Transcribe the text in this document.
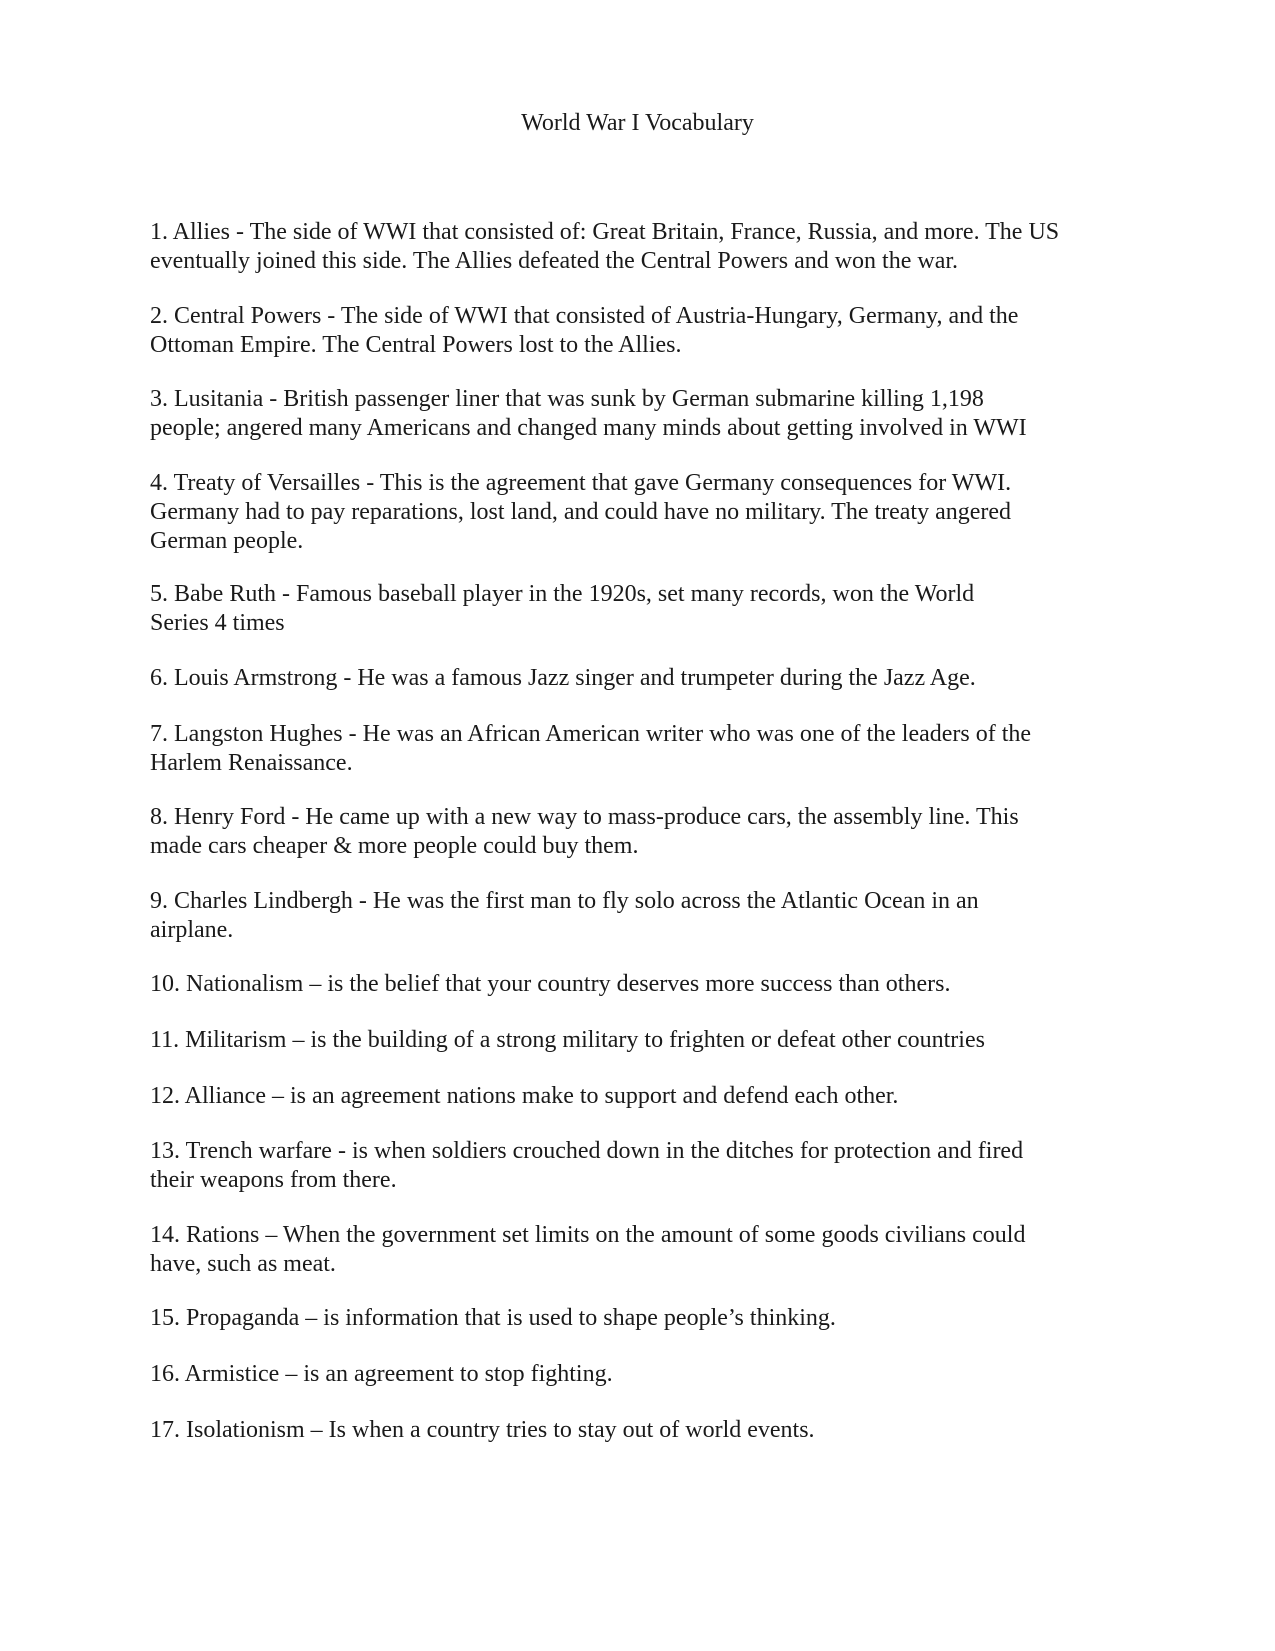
World War I Vocabulary

1. Allies - The side of WWI that consisted of: Great Britain, France, Russia, and more. The US
eventually joined this side. The Allies defeated the Central Powers and won the war.

2. Central Powers - The side of WWI that consisted of Austria-Hungary, Germany, and the
Ottoman Empire. The Central Powers lost to the Allies.

3. Lusitania - British passenger liner that was sunk by German submarine killing 1,198
people; angered many Americans and changed many minds about getting involved in WWI

4. Treaty of Versailles - This is the agreement that gave Germany consequences for WWI.
Germany had to pay reparations, lost land, and could have no military. The treaty angered
German people.

5. Babe Ruth - Famous baseball player in the 1920s, set many records, won the World
Series 4 times

6. Louis Armstrong - He was a famous Jazz singer and trumpeter during the Jazz Age.

7. Langston Hughes - He was an African American writer who was one of the leaders of the
Harlem Renaissance.

8. Henry Ford - He came up with a new way to mass-produce cars, the assembly line. This
made cars cheaper & more people could buy them.

9. Charles Lindbergh - He was the first man to fly solo across the Atlantic Ocean in an
airplane.

10. Nationalism – is the belief that your country deserves more success than others.

11. Militarism – is the building of a strong military to frighten or defeat other countries

12. Alliance – is an agreement nations make to support and defend each other.

13. Trench warfare - is when soldiers crouched down in the ditches for protection and fired
their weapons from there.

14. Rations – When the government set limits on the amount of some goods civilians could
have, such as meat.

15. Propaganda – is information that is used to shape people’s thinking.

16. Armistice – is an agreement to stop fighting.

17. Isolationism – Is when a country tries to stay out of world events.
